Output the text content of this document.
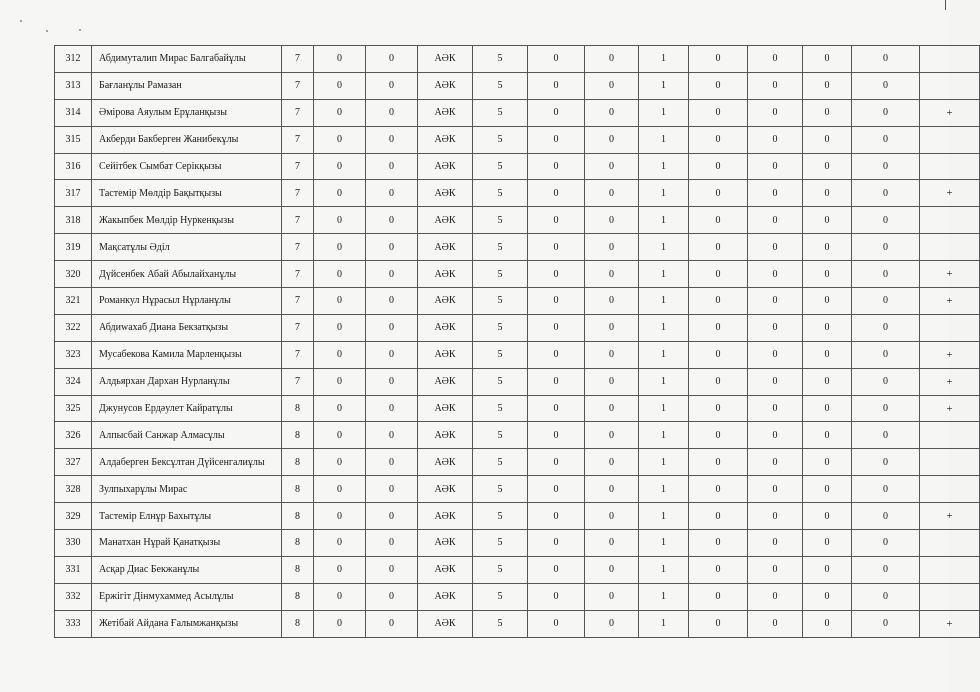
312	Абдимуталип Мирас Балгабайұлы	7	0	0	АӘК	5	0	0	1	0	0	0	0	
313	Бағланұлы Рамазан	7	0	0	АӘК	5	0	0	1	0	0	0	0	
314	Әмірова Аяулым Ерұланқызы	7	0	0	АӘК	5	0	0	1	0	0	0	0	+
315	Акберди Бакберген Жанибекұлы	7	0	0	АӘК	5	0	0	1	0	0	0	0	
316	Сейітбек Сымбат Серікқызы	7	0	0	АӘК	5	0	0	1	0	0	0	0	
317	Тастемір Мөлдір Бақытқызы	7	0	0	АӘК	5	0	0	1	0	0	0	0	+
318	Жакыпбек Мөлдір Нуркенқызы	7	0	0	АӘК	5	0	0	1	0	0	0	0	
319	Мақсатұлы Әділ	7	0	0	АӘК	5	0	0	1	0	0	0	0	
320	Дүйсенбек Абай Абылайханұлы	7	0	0	АӘК	5	0	0	1	0	0	0	0	+
321	Романкул Нұрасыл Нұрланұлы	7	0	0	АӘК	5	0	0	1	0	0	0	0	+
322	Абдиwахаб Диана Бекзатқызы	7	0	0	АӘК	5	0	0	1	0	0	0	0	
323	Мусабекова Камила Марленқызы	7	0	0	АӘК	5	0	0	1	0	0	0	0	+
324	Алдьярхан Дархан Нурланұлы	7	0	0	АӘК	5	0	0	1	0	0	0	0	+
325	Джунусов Ердәулет Кайратұлы	8	0	0	АӘК	5	0	0	1	0	0	0	0	+
326	Алпысбай Санжар Алмасұлы	8	0	0	АӘК	5	0	0	1	0	0	0	0	
327	Алдаберген Бексұлтан Дүйсенгалиұлы	8	0	0	АӘК	5	0	0	1	0	0	0	0	
328	Зулпыхарұлы Мирас	8	0	0	АӘК	5	0	0	1	0	0	0	0	
329	Тастемір Елнұр Бахытұлы	8	0	0	АӘК	5	0	0	1	0	0	0	0	+
330	Манатхан Нұрай Қанатқызы	8	0	0	АӘК	5	0	0	1	0	0	0	0	
331	Асқар Диас Бекжанұлы	8	0	0	АӘК	5	0	0	1	0	0	0	0	
332	Ержігіт Дінмухаммед Асылұлы	8	0	0	АӘК	5	0	0	1	0	0	0	0	
333	Жетібай Айдана Ғалымжанқызы	8	0	0	АӘК	5	0	0	1	0	0	0	0	+
